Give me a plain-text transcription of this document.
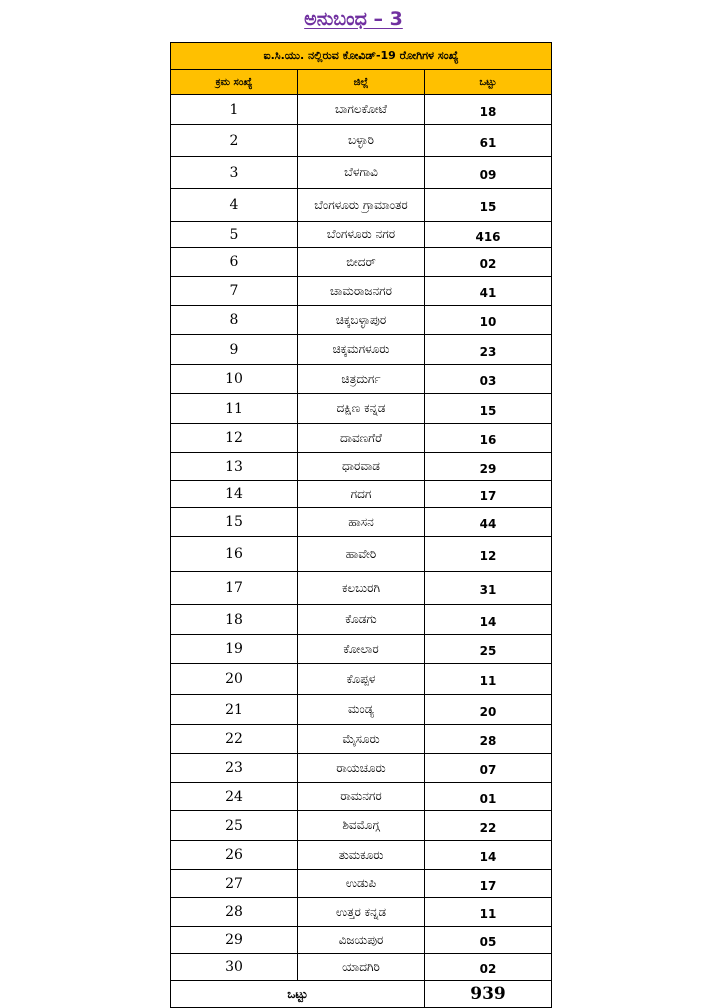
ಅನುಬಂಧ – 3
ಐ.ಸಿ.ಯು. ನಲ್ಲಿರುವ ಕೋವಿಡ್-19 ರೋಗಿಗಳ ಸಂಖ್ಯೆ		
ಕ್ರಮ ಸಂಖ್ಯೆ	ಜಿಲ್ಲೆ	ಒಟ್ಟು
1	ಬಾಗಲಕೋಟೆ	18
2	ಬಳ್ಳಾರಿ	61
3	ಬೆಳಗಾವಿ	09
4	ಬೆಂಗಳೂರು ಗ್ರಾಮಾಂತರ	15
5	ಬೆಂಗಳೂರು ನಗರ	416
6	ಬೀದರ್	02
7	ಚಾಮರಾಜನಗರ	41
8	ಚಿಕ್ಕಬಳ್ಳಾಪುರ	10
9	ಚಿಕ್ಕಮಗಳೂರು	23
10	ಚಿತ್ರದುರ್ಗ	03
11	ದಕ್ಷಿಣ ಕನ್ನಡ	15
12	ದಾವಣಗೆರೆ	16
13	ಧಾರವಾಡ	29
14	ಗದಗ	17
15	ಹಾಸನ	44
16	ಹಾವೇರಿ	12
17	ಕಲಬುರಗಿ	31
18	ಕೊಡಗು	14
19	ಕೋಲಾರ	25
20	ಕೊಪ್ಪಳ	11
21	ಮಂಡ್ಯ	20
22	ಮೈಸೂರು	28
23	ರಾಯಚೂರು	07
24	ರಾಮನಗರ	01
25	ಶಿವಮೊಗ್ಗ	22
26	ತುಮಕೂರು	14
27	ಉಡುಪಿ	17
28	ಉತ್ತರ ಕನ್ನಡ	11
29	ವಿಜಯಪುರ	05
30	ಯಾದಗಿರಿ	02
ಒಟ್ಟು		939
